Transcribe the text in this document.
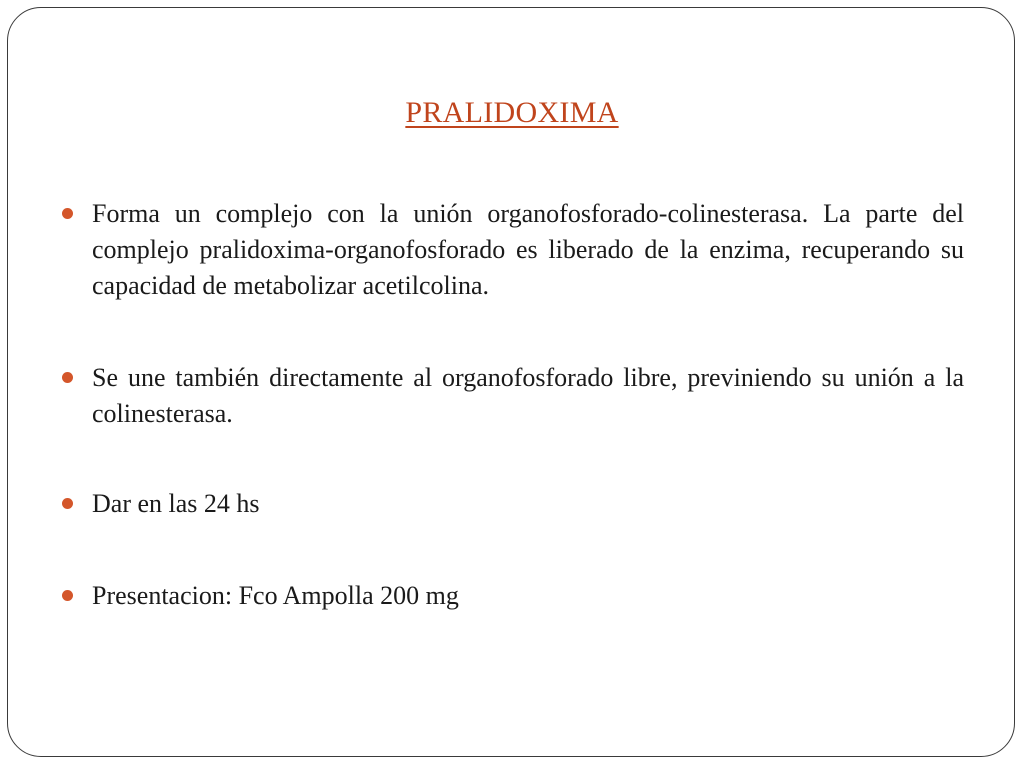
PRALIDOXIMA
Forma un complejo con la unión organofosforado-colinesterasa. La parte del complejo pralidoxima-organofosforado es liberado de la enzima, recuperando su capacidad de metabolizar acetilcolina.
Se une también directamente al organofosforado libre, previniendo su unión a la colinesterasa.
Dar en las 24 hs
Presentacion: Fco Ampolla 200 mg
